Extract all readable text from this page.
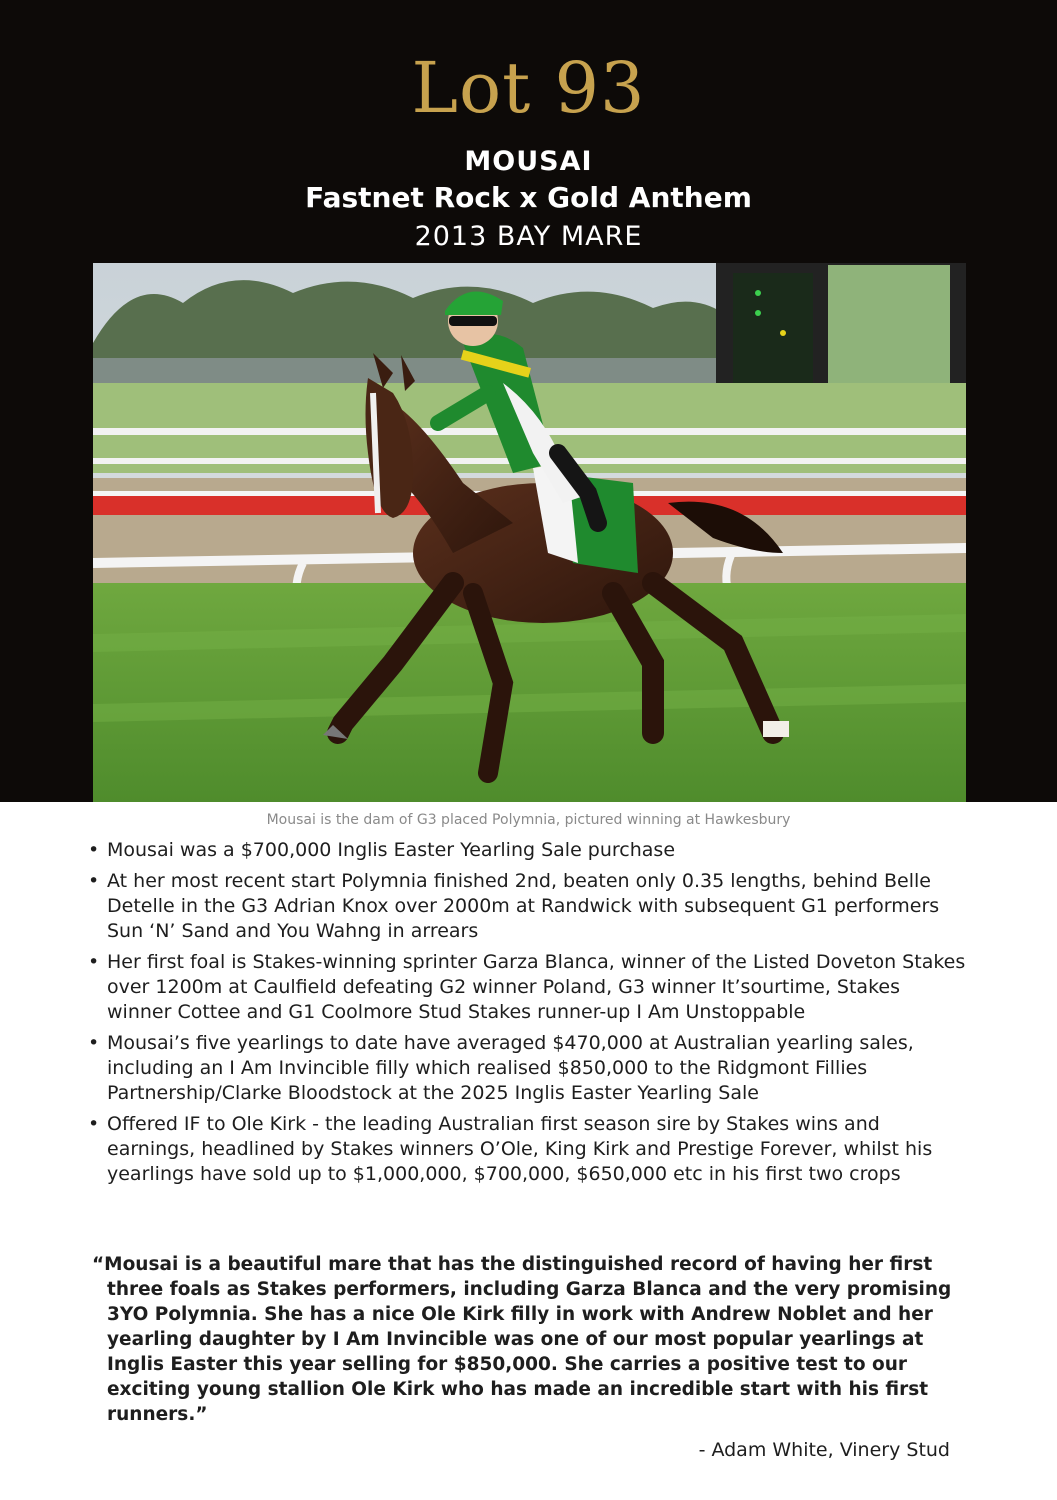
Lot 93
MOUSAI
Fastnet Rock x Gold Anthem
2013 BAY MARE
Mousai is the dam of G3 placed Polymnia, pictured winning at Hawkesbury
• Mousai was a $700,000 Inglis Easter Yearling Sale purchase
• At her most recent start Polymnia finished 2nd, beaten only 0.35 lengths, behind Belle Detelle in the G3 Adrian Knox over 2000m at Randwick with subsequent G1 performers Sun ‘N’ Sand and You Wahng in arrears
• Her first foal is Stakes-winning sprinter Garza Blanca, winner of the Listed Doveton Stakes over 1200m at Caulfield defeating G2 winner Poland, G3 winner It’sourtime, Stakes winner Cottee and G1 Coolmore Stud Stakes runner-up I Am Unstoppable
• Mousai’s five yearlings to date have averaged $470,000 at Australian yearling sales, including an I Am Invincible filly which realised $850,000 to the Ridgmont Fillies Partnership/Clarke Bloodstock at the 2025 Inglis Easter Yearling Sale
• Offered IF to Ole Kirk - the leading Australian first season sire by Stakes wins and earnings, headlined by Stakes winners O’Ole, King Kirk and Prestige Forever, whilst his yearlings have sold up to $1,000,000, $700,000, $650,000 etc in his first two crops

“Mousai is a beautiful mare that has the distinguished record of having her first three foals as Stakes performers, including Garza Blanca and the very promising 3YO Polymnia. She has a nice Ole Kirk filly in work with Andrew Noblet and her yearling daughter by I Am Invincible was one of our most popular yearlings at Inglis Easter this year selling for $850,000. She carries a positive test to our exciting young stallion Ole Kirk who has made an incredible start with his first runners.”

- Adam White, Vinery Stud
